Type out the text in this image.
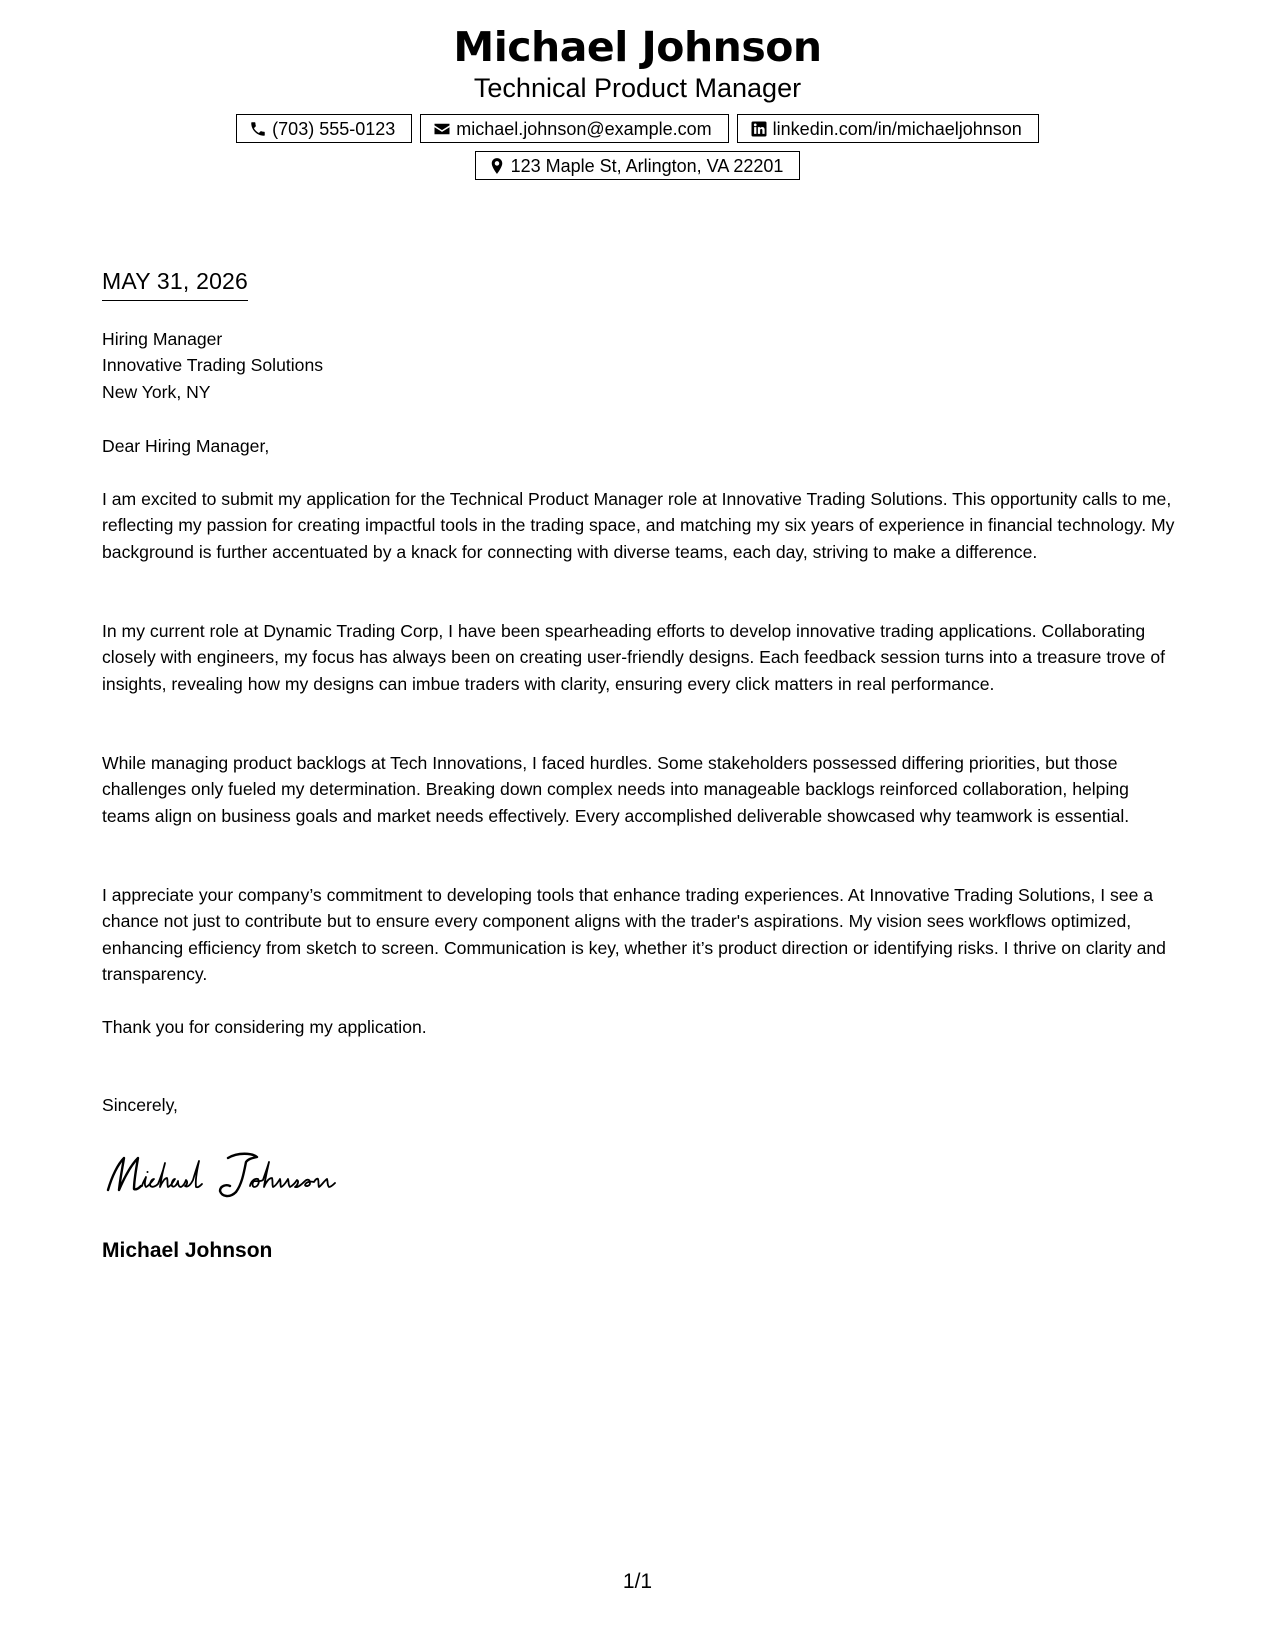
Michael Johnson
Technical Product Manager
(703) 555-0123	michael.johnson@example.com	linkedin.com/in/michaeljohnson
123 Maple St, Arlington, VA 22201
MAY 31, 2026
Hiring Manager
Innovative Trading Solutions
New York, NY
Dear Hiring Manager,

I am excited to submit my application for the Technical Product Manager role at Innovative Trading Solutions. This opportunity calls to me, reflecting my passion for creating impactful tools in the trading space, and matching my six years of experience in financial technology. My background is further accentuated by a knack for connecting with diverse teams, each day, striving to make a difference.

In my current role at Dynamic Trading Corp, I have been spearheading efforts to develop innovative trading applications. Collaborating closely with engineers, my focus has always been on creating user-friendly designs. Each feedback session turns into a treasure trove of insights, revealing how my designs can imbue traders with clarity, ensuring every click matters in real performance.

While managing product backlogs at Tech Innovations, I faced hurdles. Some stakeholders possessed differing priorities, but those challenges only fueled my determination. Breaking down complex needs into manageable backlogs reinforced collaboration, helping teams align on business goals and market needs effectively. Every accomplished deliverable showcased why teamwork is essential.

I appreciate your company’s commitment to developing tools that enhance trading experiences. At Innovative Trading Solutions, I see a chance not just to contribute but to ensure every component aligns with the trader's aspirations. My vision sees workflows optimized, enhancing efficiency from sketch to screen. Communication is key, whether it’s product direction or identifying risks. I thrive on clarity and transparency.

Thank you for considering my application.
Sincerely,
Michael Johnson
1/1
